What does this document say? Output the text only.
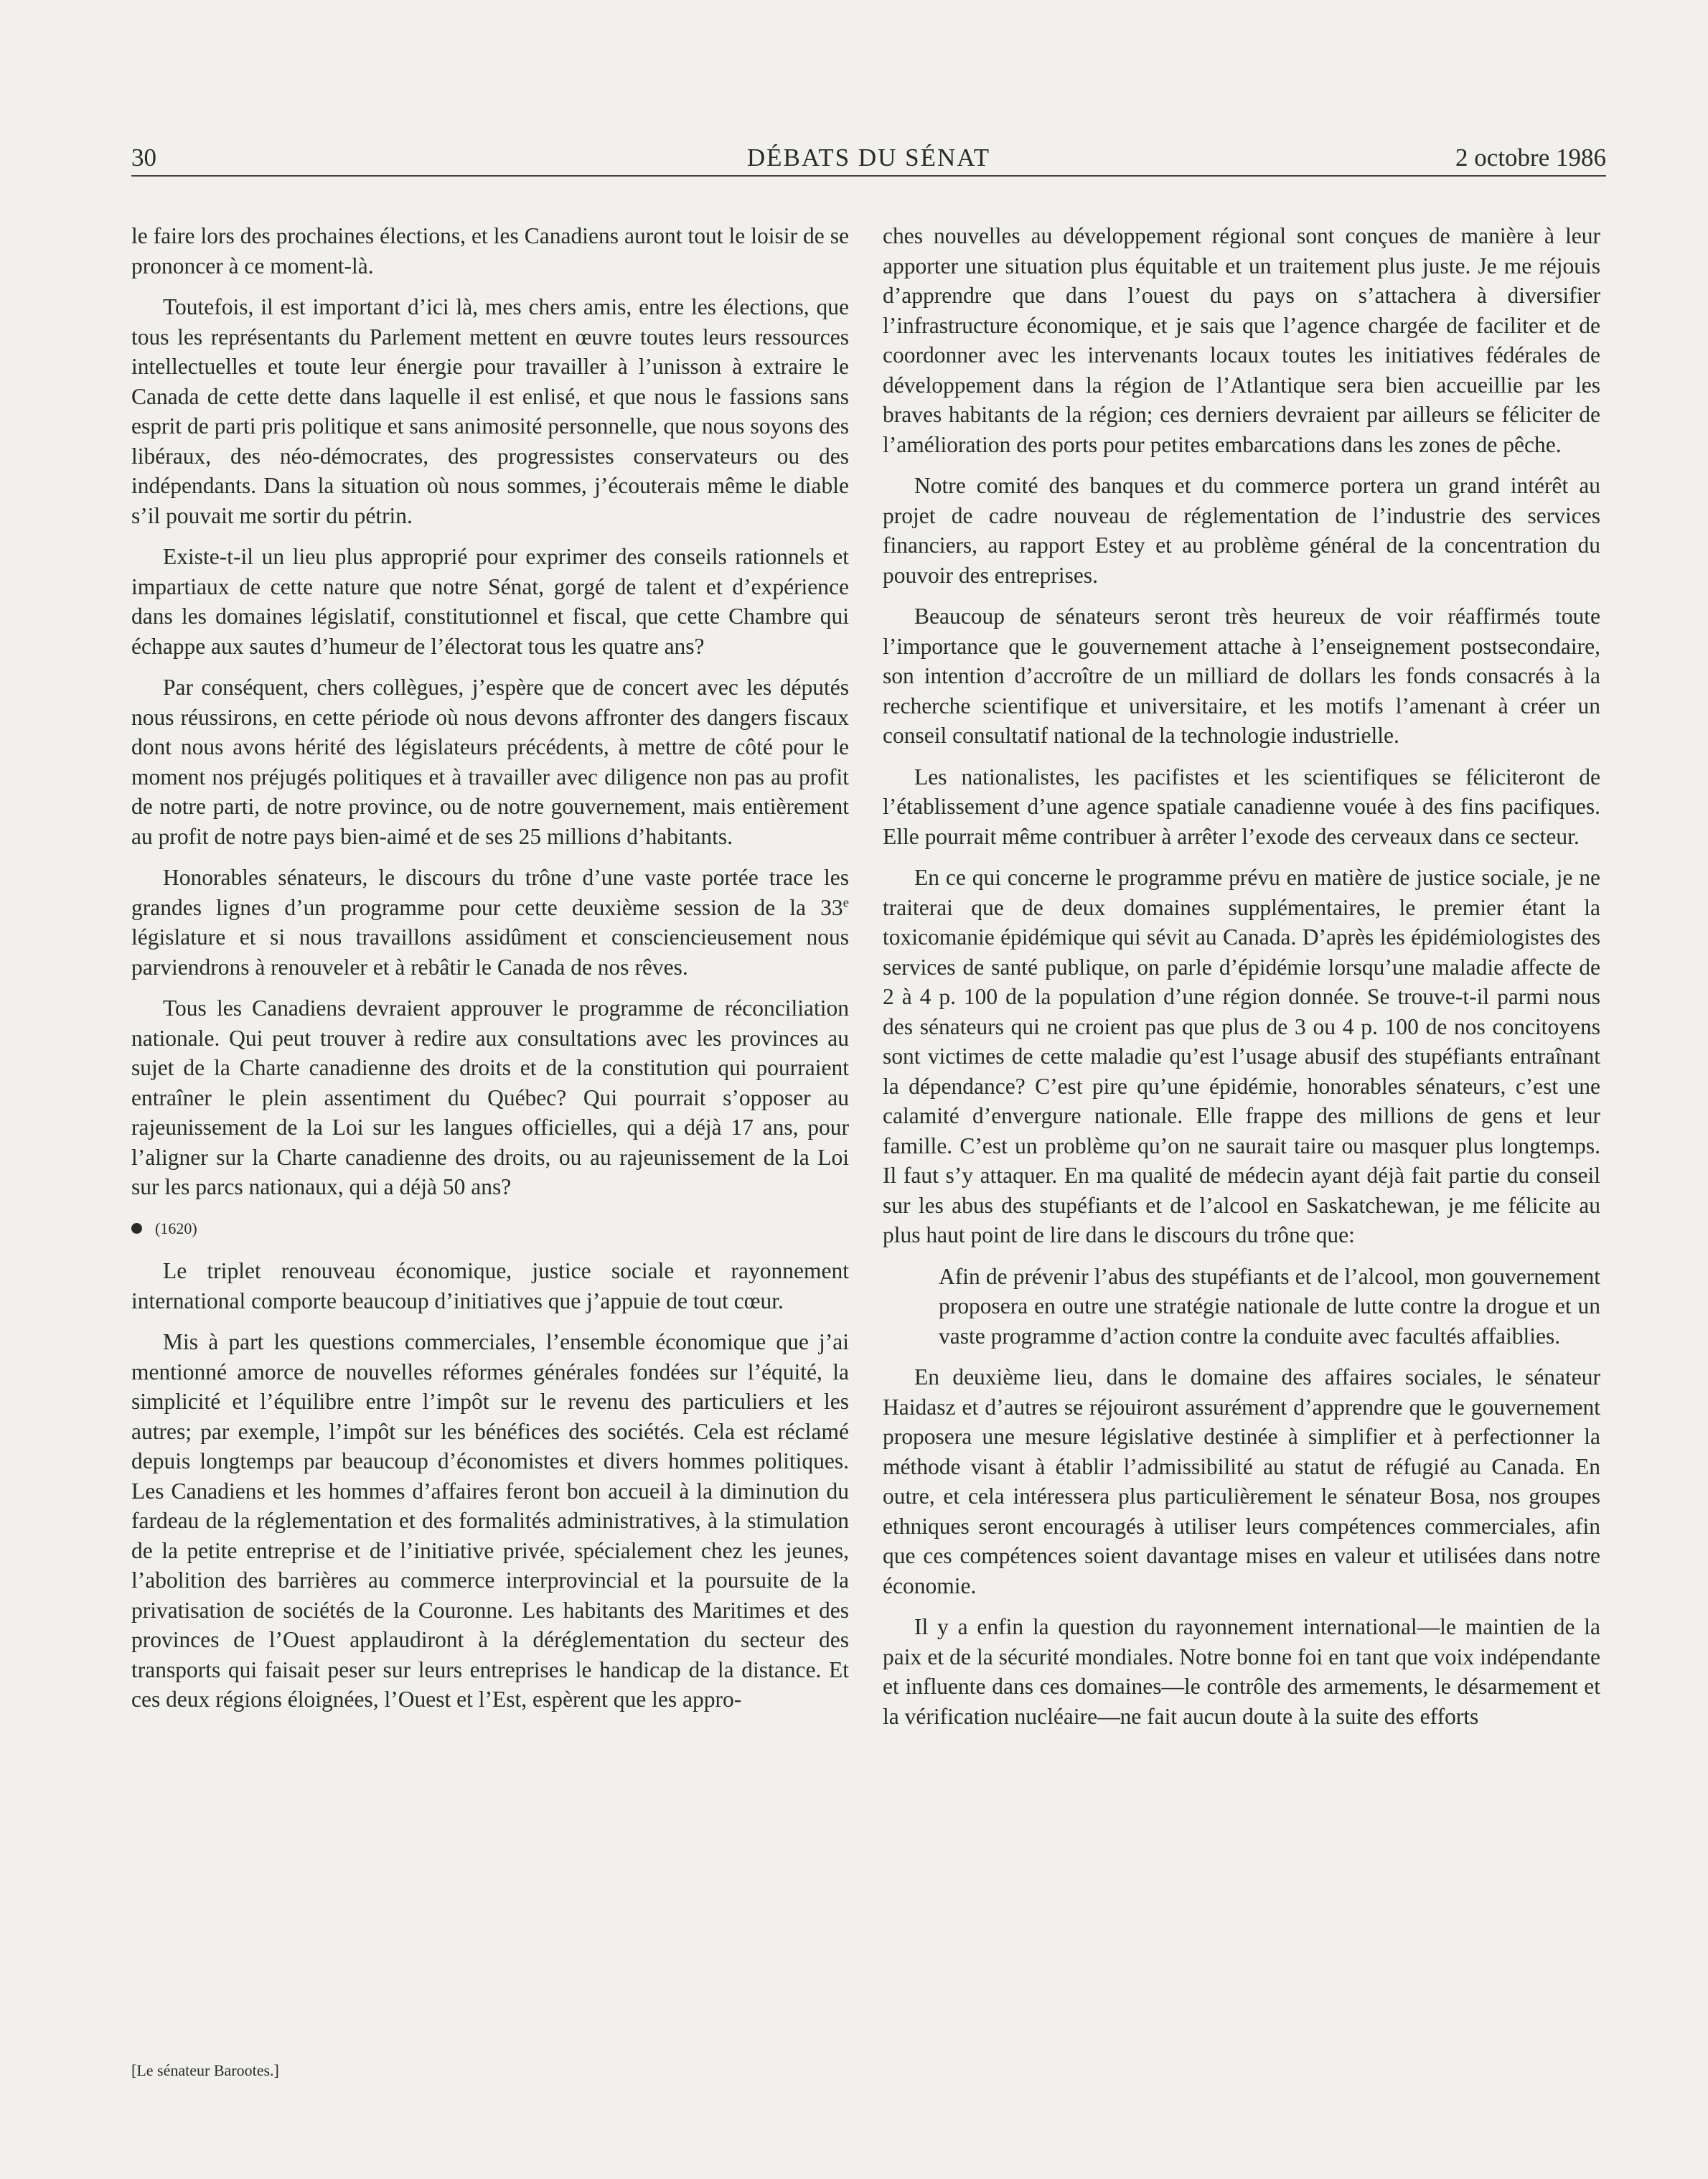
30	DÉBATS DU SÉNAT	2 octobre 1986

le faire lors des prochaines élections, et les Canadiens auront tout le loisir de se prononcer à ce moment-là.

Toutefois, il est important d’ici là, mes chers amis, entre les élections, que tous les représentants du Parlement mettent en œuvre toutes leurs ressources intellectuelles et toute leur énergie pour travailler à l’unisson à extraire le Canada de cette dette dans laquelle il est enlisé, et que nous le fassions sans esprit de parti pris politique et sans animosité personnelle, que nous soyons des libéraux, des néo-démocrates, des progressistes conservateurs ou des indépendants. Dans la situation où nous sommes, j’écouterais même le diable s’il pouvait me sortir du pétrin.

Existe-t-il un lieu plus approprié pour exprimer des conseils rationnels et impartiaux de cette nature que notre Sénat, gorgé de talent et d’expérience dans les domaines législatif, constitutionnel et fiscal, que cette Chambre qui échappe aux sautes d’humeur de l’électorat tous les quatre ans?

Par conséquent, chers collègues, j’espère que de concert avec les députés nous réussirons, en cette période où nous devons affronter des dangers fiscaux dont nous avons hérité des législateurs précédents, à mettre de côté pour le moment nos préjugés politiques et à travailler avec diligence non pas au profit de notre parti, de notre province, ou de notre gouvernement, mais entièrement au profit de notre pays bien-aimé et de ses 25 millions d’habitants.

Honorables sénateurs, le discours du trône d’une vaste portée trace les grandes lignes d’un programme pour cette deuxième session de la 33e législature et si nous travaillons assidûment et consciencieusement nous parviendrons à renouveler et à rebâtir le Canada de nos rêves.

Tous les Canadiens devraient approuver le programme de réconciliation nationale. Qui peut trouver à redire aux consultations avec les provinces au sujet de la Charte canadienne des droits et de la constitution qui pourraient entraîner le plein assentiment du Québec? Qui pourrait s’opposer au rajeunissement de la Loi sur les langues officielles, qui a déjà 17 ans, pour l’aligner sur la Charte canadienne des droits, ou au rajeunissement de la Loi sur les parcs nationaux, qui a déjà 50 ans?

(1620)

Le triplet renouveau économique, justice sociale et rayonnement international comporte beaucoup d’initiatives que j’appuie de tout cœur.

Mis à part les questions commerciales, l’ensemble économique que j’ai mentionné amorce de nouvelles réformes générales fondées sur l’équité, la simplicité et l’équilibre entre l’impôt sur le revenu des particuliers et les autres; par exemple, l’impôt sur les bénéfices des sociétés. Cela est réclamé depuis longtemps par beaucoup d’économistes et divers hommes politiques. Les Canadiens et les hommes d’affaires feront bon accueil à la diminution du fardeau de la réglementation et des formalités administratives, à la stimulation de la petite entreprise et de l’initiative privée, spécialement chez les jeunes, l’abolition des barrières au commerce interprovincial et la poursuite de la privatisation de sociétés de la Couronne. Les habitants des Maritimes et des provinces de l’Ouest applaudiront à la déréglementation du secteur des transports qui faisait peser sur leurs entreprises le handicap de la distance. Et ces deux régions éloignées, l’Ouest et l’Est, espèrent que les appro-

ches nouvelles au développement régional sont conçues de manière à leur apporter une situation plus équitable et un traitement plus juste. Je me réjouis d’apprendre que dans l’ouest du pays on s’attachera à diversifier l’infrastructure économique, et je sais que l’agence chargée de faciliter et de coordonner avec les intervenants locaux toutes les initiatives fédérales de développement dans la région de l’Atlantique sera bien accueillie par les braves habitants de la région; ces derniers devraient par ailleurs se féliciter de l’amélioration des ports pour petites embarcations dans les zones de pêche.

Notre comité des banques et du commerce portera un grand intérêt au projet de cadre nouveau de réglementation de l’industrie des services financiers, au rapport Estey et au problème général de la concentration du pouvoir des entreprises.

Beaucoup de sénateurs seront très heureux de voir réaffirmés toute l’importance que le gouvernement attache à l’enseignement postsecondaire, son intention d’accroître de un milliard de dollars les fonds consacrés à la recherche scientifique et universitaire, et les motifs l’amenant à créer un conseil consultatif national de la technologie industrielle.

Les nationalistes, les pacifistes et les scientifiques se féliciteront de l’établissement d’une agence spatiale canadienne vouée à des fins pacifiques. Elle pourrait même contribuer à arrêter l’exode des cerveaux dans ce secteur.

En ce qui concerne le programme prévu en matière de justice sociale, je ne traiterai que de deux domaines supplémentaires, le premier étant la toxicomanie épidémique qui sévit au Canada. D’après les épidémiologistes des services de santé publique, on parle d’épidémie lorsqu’une maladie affecte de 2 à 4 p. 100 de la population d’une région donnée. Se trouve-t-il parmi nous des sénateurs qui ne croient pas que plus de 3 ou 4 p. 100 de nos concitoyens sont victimes de cette maladie qu’est l’usage abusif des stupéfiants entraînant la dépendance? C’est pire qu’une épidémie, honorables sénateurs, c’est une calamité d’envergure nationale. Elle frappe des millions de gens et leur famille. C’est un problème qu’on ne saurait taire ou masquer plus longtemps. Il faut s’y attaquer. En ma qualité de médecin ayant déjà fait partie du conseil sur les abus des stupéfiants et de l’alcool en Saskatchewan, je me félicite au plus haut point de lire dans le discours du trône que:

Afin de prévenir l’abus des stupéfiants et de l’alcool, mon gouvernement proposera en outre une stratégie nationale de lutte contre la drogue et un vaste programme d’action contre la conduite avec facultés affaiblies.

En deuxième lieu, dans le domaine des affaires sociales, le sénateur Haidasz et d’autres se réjouiront assurément d’apprendre que le gouvernement proposera une mesure législative destinée à simplifier et à perfectionner la méthode visant à établir l’admissibilité au statut de réfugié au Canada. En outre, et cela intéressera plus particulièrement le sénateur Bosa, nos groupes ethniques seront encouragés à utiliser leurs compétences commerciales, afin que ces compétences soient davantage mises en valeur et utilisées dans notre économie.

Il y a enfin la question du rayonnement international—le maintien de la paix et de la sécurité mondiales. Notre bonne foi en tant que voix indépendante et influente dans ces domaines—le contrôle des armements, le désarmement et la vérification nucléaire—ne fait aucun doute à la suite des efforts

[Le sénateur Barootes.]
